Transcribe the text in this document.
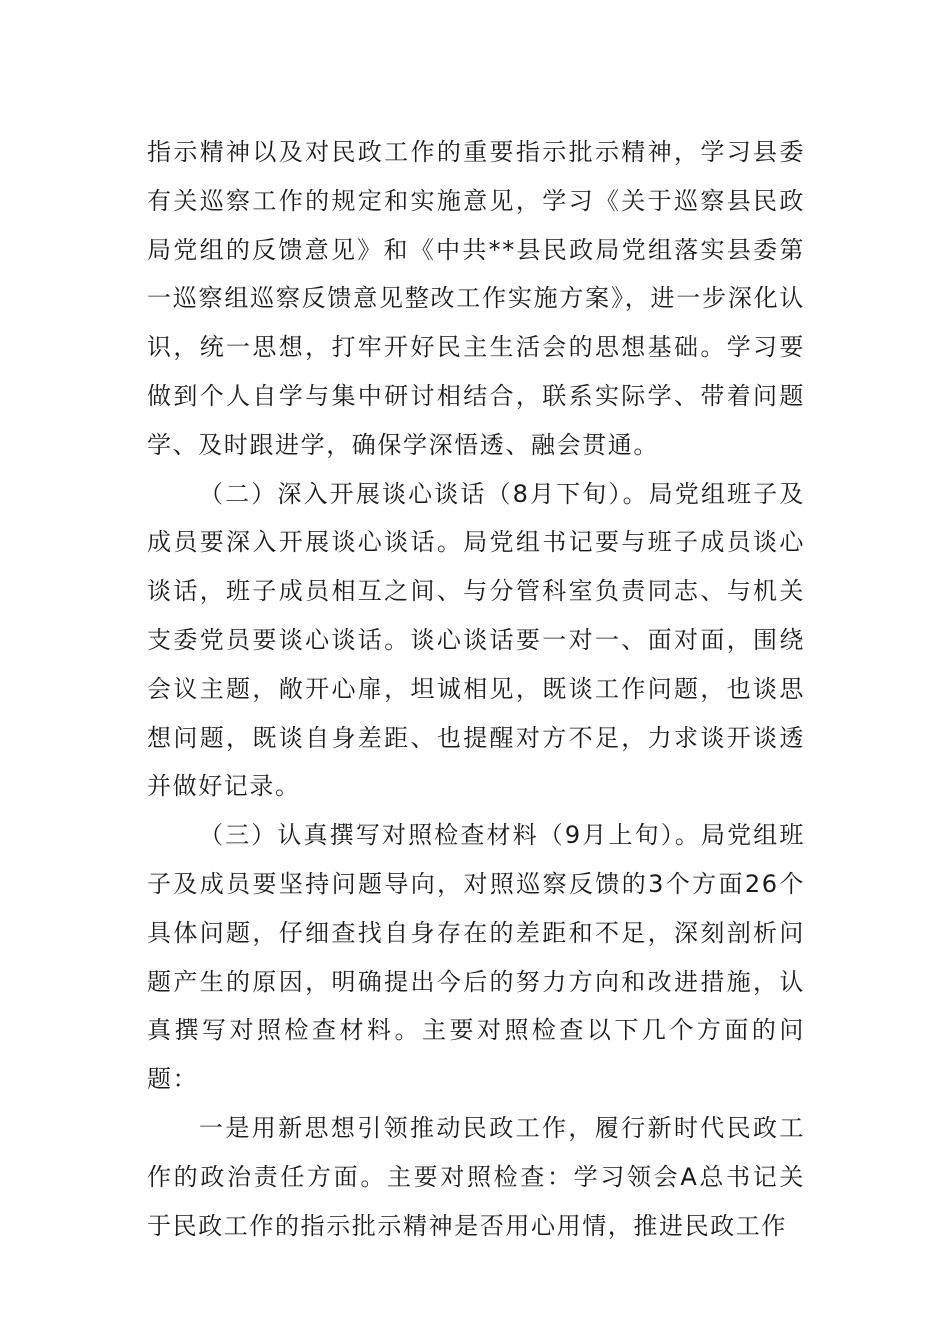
指示精神以及对民政工作的重要指示批示精神，学习县委有关巡察工作的规定和实施意见，学习《关于巡察县民政局党组的反馈意见》和《中共**县民政局党组落实县委第一巡察组巡察反馈意见整改工作实施方案》，进一步深化认识，统一思想，打牢开好民主生活会的思想基础。学习要做到个人自学与集中研讨相结合，联系实际学、带着问题学、及时跟进学，确保学深悟透、融会贯通。

（二）深入开展谈心谈话（8月下旬）。局党组班子及成员要深入开展谈心谈话。局党组书记要与班子成员谈心谈话，班子成员相互之间、与分管科室负责同志、与机关支委党员要谈心谈话。谈心谈话要一对一、面对面，围绕会议主题，敞开心扉，坦诚相见，既谈工作问题，也谈思想问题，既谈自身差距、也提醒对方不足，力求谈开谈透并做好记录。

（三）认真撰写对照检查材料（9月上旬）。局党组班子及成员要坚持问题导向，对照巡察反馈的3个方面26个具体问题，仔细查找自身存在的差距和不足，深刻剖析问题产生的原因，明确提出今后的努力方向和改进措施，认真撰写对照检查材料。主要对照检查以下几个方面的问题：

一是用新思想引领推动民政工作，履行新时代民政工作的政治责任方面。主要对照检查：学习领会A总书记关于民政工作的指示批示精神是否用心用情，推进民政工作
